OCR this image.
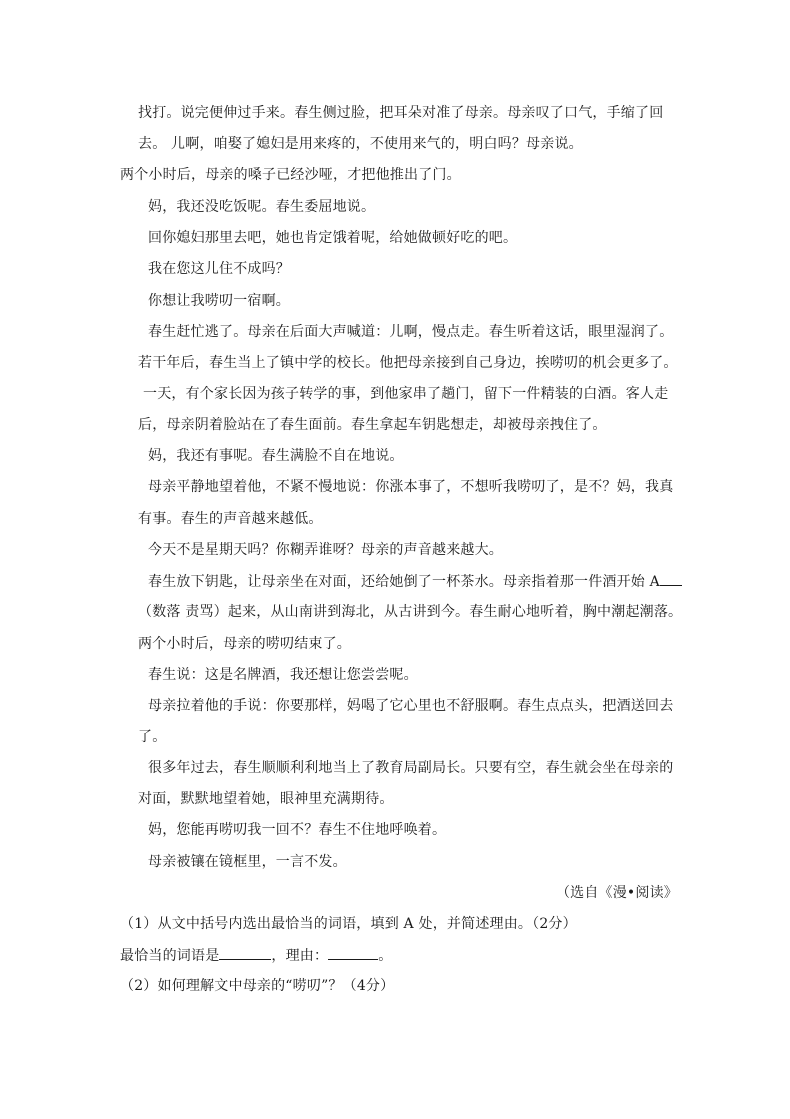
找打。说完便伸过手来。春生侧过脸，把耳朵对准了母亲。母亲叹了口气，手缩了回
去。 儿啊，咱娶了媳妇是用来疼的，不使用来气的，明白吗？母亲说。
两个小时后，母亲的嗓子已经沙哑，才把他推出了门。
妈，我还没吃饭呢。春生委屈地说。
回你媳妇那里去吧，她也肯定饿着呢，给她做顿好吃的吧。
我在您这儿住不成吗？
你想让我唠叨一宿啊。
春生赶忙逃了。母亲在后面大声喊道：儿啊，慢点走。春生听着这话，眼里湿润了。
若干年后，春生当上了镇中学的校长。他把母亲接到自己身边，挨唠叨的机会更多了。
一天，有个家长因为孩子转学的事，到他家串了趟门，留下一件精装的白酒。客人走
后，母亲阴着脸站在了春生面前。春生拿起车钥匙想走，却被母亲拽住了。
妈，我还有事呢。春生满脸不自在地说。
母亲平静地望着他，不紧不慢地说：你涨本事了，不想听我唠叨了，是不？妈，我真
有事。春生的声音越来越低。
今天不是星期天吗？你糊弄谁呀？母亲的声音越来越大。
春生放下钥匙，让母亲坐在对面，还给她倒了一杯茶水。母亲指着那一件酒开始 A
（数落 责骂）起来，从山南讲到海北，从古讲到今。春生耐心地听着，胸中潮起潮落。
两个小时后，母亲的唠叨结束了。
春生说：这是名牌酒，我还想让您尝尝呢。
母亲拉着他的手说：你要那样，妈喝了它心里也不舒服啊。春生点点头，把酒送回去
了。
很多年过去，春生顺顺利利地当上了教育局副局长。只要有空，春生就会坐在母亲的
对面，默默地望着她，眼神里充满期待。
妈，您能再唠叨我一回不？春生不住地呼唤着。
母亲被镶在镜框里，一言不发。
（选自《漫•阅读》
（1）从文中括号内选出最恰当的词语，填到 A 处，并简述理由。（2分）
最恰当的词语是	，理由：	。
（2）如何理解文中母亲的“唠叨”？（4分）
